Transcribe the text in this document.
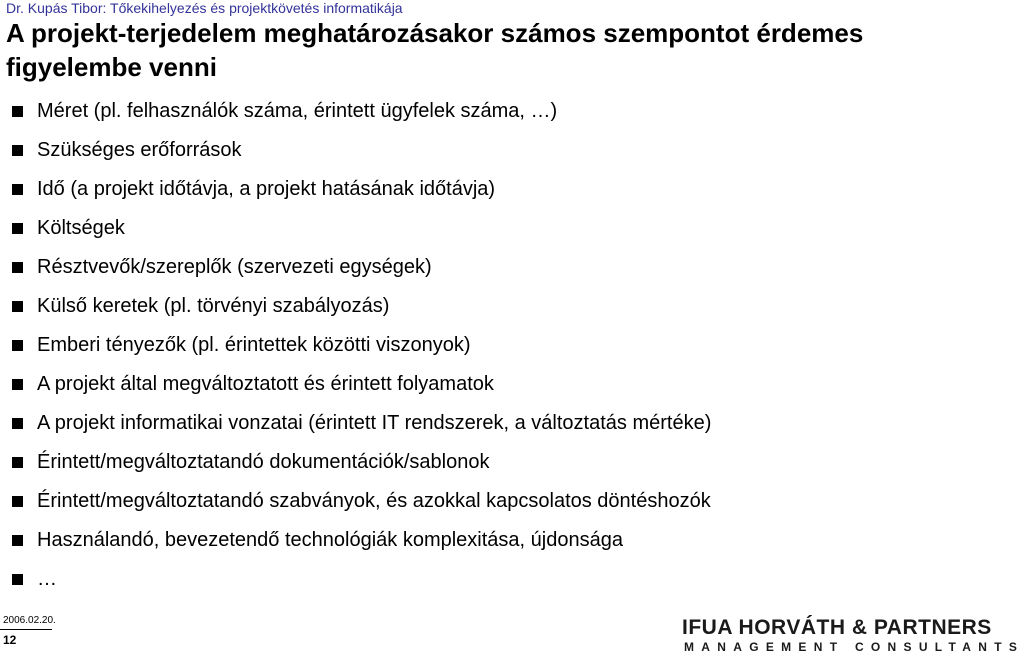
Dr. Kupás Tibor: Tőkekihelyezés és projektkövetés informatikája
A projekt-terjedelem meghatározásakor számos szempontot érdemes figyelembe venni
Méret (pl. felhasználók száma, érintett ügyfelek száma, …)
Szükséges erőforrások
Idő (a projekt időtávja, a projekt hatásának időtávja)
Költségek
Résztvevők/szereplők (szervezeti egységek)
Külső keretek (pl. törvényi szabályozás)
Emberi tényezők (pl. érintettek közötti viszonyok)
A projekt által megváltoztatott és érintett folyamatok
A projekt informatikai vonzatai (érintett IT rendszerek, a változtatás mértéke)
Érintett/megváltoztatandó dokumentációk/sablonok
Érintett/megváltoztatandó szabványok, és azokkal kapcsolatos döntéshozók
Használandó, bevezetendő technológiák komplexitása, újdonsága
…
2006.02.20.
12
IFUA HORVÁTH & PARTNERS
MANAGEMENT CONSULTANTS
